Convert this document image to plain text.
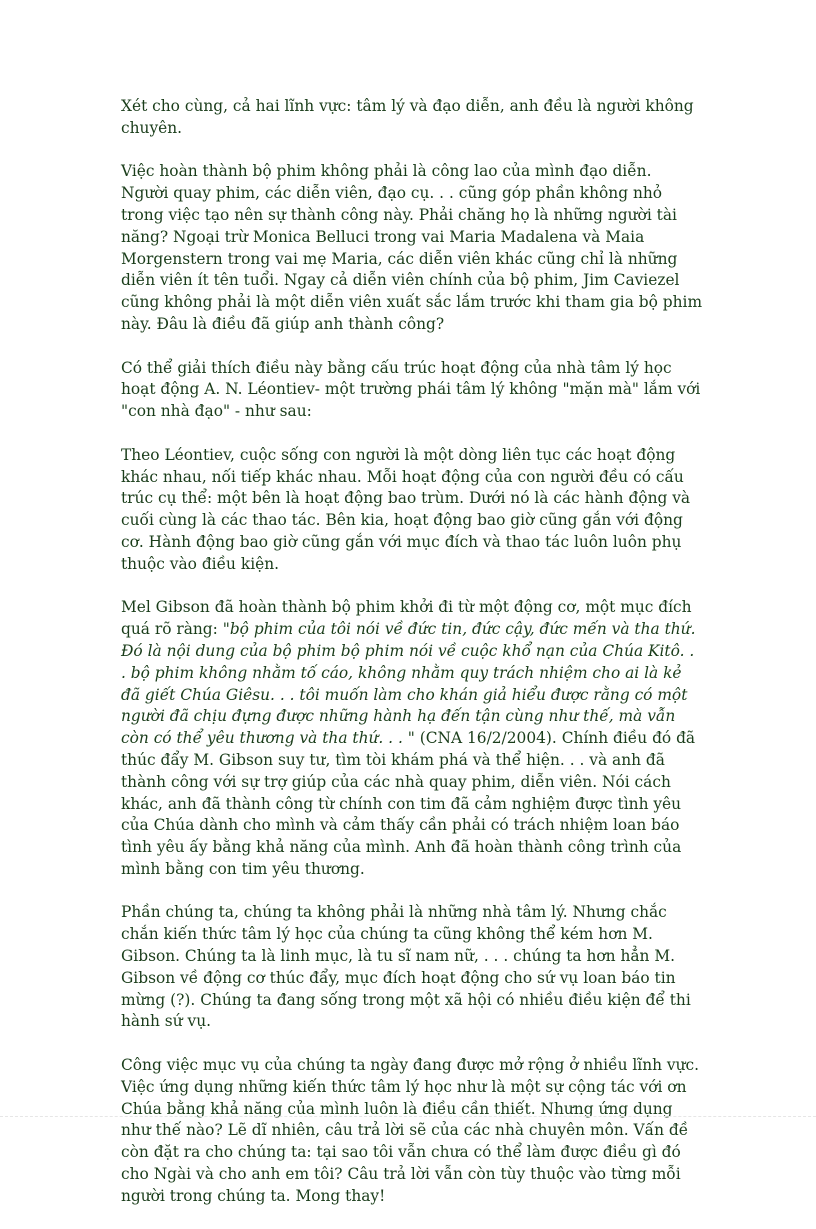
Xét cho cùng, cả hai lĩnh vực: tâm lý và đạo diễn, anh đều là người không chuyên.

Việc hoàn thành bộ phim không phải là công lao của mình đạo diễn. Người quay phim, các diễn viên, đạo cụ. . . cũng góp phần không nhỏ trong việc tạo nên sự thành công này. Phải chăng họ là những người tài năng? Ngoại trừ Monica Belluci trong vai Maria Madalena và Maia Morgenstern trong vai mẹ Maria, các diễn viên khác cũng chỉ là những diễn viên ít tên tuổi. Ngay cả diễn viên chính của bộ phim, Jim Caviezel cũng không phải là một diễn viên xuất sắc lắm trước khi tham gia bộ phim này. Đâu là điều đã giúp anh thành công?

Có thể giải thích điều này bằng cấu trúc hoạt động của nhà tâm lý học hoạt động A. N. Léontiev- một trường phái tâm lý không "mặn mà" lắm với "con nhà đạo" - như sau:

Theo Léontiev, cuộc sống con người là một dòng liên tục các hoạt động khác nhau, nối tiếp khác nhau. Mỗi hoạt động của con người đều có cấu trúc cụ thể: một bên là hoạt động bao trùm. Dưới nó là các hành động và cuối cùng là các thao tác. Bên kia, hoạt động bao giờ cũng gắn với động cơ. Hành động bao giờ cũng gắn với mục đích và thao tác luôn luôn phụ thuộc vào điều kiện.

Mel Gibson đã hoàn thành bộ phim khởi đi từ một động cơ, một mục đích quá rõ ràng: "bộ phim của tôi nói về đức tin, đức cậy, đức mến và tha thứ. Đó là nội dung của bộ phim bộ phim nói về cuộc khổ nạn của Chúa Kitô. . . bộ phim không nhằm tố cáo, không nhằm quy trách nhiệm cho ai là kẻ đã giết Chúa Giêsu. . . tôi muốn làm cho khán giả hiểu được rằng có một người đã chịu đựng được những hành hạ đến tận cùng như thế, mà vẫn còn có thể yêu thương và tha thứ. . . " (CNA 16/2/2004). Chính điều đó đã thúc đẩy M. Gibson suy tư, tìm tòi khám phá và thể hiện. . . và anh đã thành công với sự trợ giúp của các nhà quay phim, diễn viên. Nói cách khác, anh đã thành công từ chính con tim đã cảm nghiệm được tình yêu của Chúa dành cho mình và cảm thấy cần phải có trách nhiệm loan báo tình yêu ấy bằng khả năng của mình. Anh đã hoàn thành công trình của mình bằng con tim yêu thương.

Phần chúng ta, chúng ta không phải là những nhà tâm lý. Nhưng chắc chắn kiến thức tâm lý học của chúng ta cũng không thể kém hơn M. Gibson. Chúng ta là linh mục, là tu sĩ nam nữ, . . . chúng ta hơn hẳn M. Gibson về động cơ thúc đẩy, mục đích hoạt động cho sứ vụ loan báo tin mừng (?). Chúng ta đang sống trong một xã hội có nhiều điều kiện để thi hành sứ vụ.

Công việc mục vụ của chúng ta ngày đang được mở rộng ở nhiều lĩnh vực. Việc ứng dụng những kiến thức tâm lý học như là một sự cộng tác với ơn Chúa bằng khả năng của mình luôn là điều cần thiết. Nhưng ứng dụng như thế nào? Lẽ dĩ nhiên, câu trả lời sẽ của các nhà chuyên môn. Vấn đề còn đặt ra cho chúng ta: tại sao tôi vẫn chưa có thể làm được điều gì đó cho Ngài và cho anh em tôi? Câu trả lời vẫn còn tùy thuộc vào từng mỗi người trong chúng ta. Mong thay!
